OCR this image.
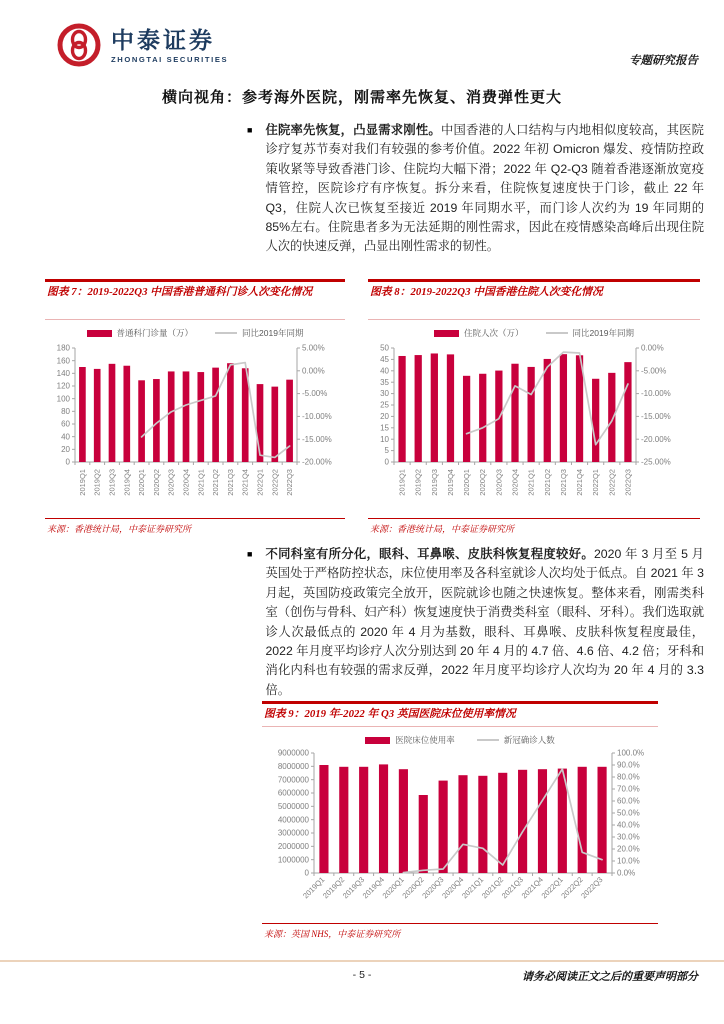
中泰证券
ZHONGTAI SECURITIES	专题研究报告
横向视角：参考海外医院，刚需率先恢复、消费弹性更大
■ 住院率先恢复，凸显需求刚性。中国香港的人口结构与内地相似度较高，其医院诊疗复苏节奏对我们有较强的参考价值。2022 年初 Omicron 爆发、疫情防控政策收紧等导致香港门诊、住院均大幅下滑；2022 年 Q2-Q3 随着香港逐渐放宽疫情管控，医院诊疗有序恢复。拆分来看，住院恢复速度快于门诊，截止 22 年 Q3，住院人次已恢复至接近 2019 年同期水平，而门诊人次约为 19 年同期的 85%左右。住院患者多为无法延期的刚性需求，因此在疫情感染高峰后出现住院人次的快速反弹，凸显出刚性需求的韧性。
图表 7：2019-2022Q3 中国香港普通科门诊人次变化情况
普通科门诊量（万）	同比2019年同期
0
20
40
60
80
100
120
140
160
180
-20.00%
-15.00%
-10.00%
-5.00%
0.00%
5.00%
2019Q1 2019Q2 2019Q3 2019Q4 2020Q1 2020Q2 2020Q3 2020Q4 2021Q1 2021Q2 2021Q3 2021Q4 2022Q1 2022Q2 2022Q3
来源：香港统计局，中泰证券研究所
图表 8：2019-2022Q3 中国香港住院人次变化情况
住院人次（万）	同比2019年同期
0
5
10
15
20
25
30
35
40
45
50
-25.00%
-20.00%
-15.00%
-10.00%
-5.00%
0.00%
2019Q1 2019Q2 2019Q3 2019Q4 2020Q1 2020Q2 2020Q3 2020Q4 2021Q1 2021Q2 2021Q3 2021Q4 2022Q1 2022Q2 2022Q3
来源：香港统计局，中泰证券研究所
■ 不同科室有所分化，眼科、耳鼻喉、皮肤科恢复程度较好。2020 年 3 月至 5 月英国处于严格防控状态，床位使用率及各科室就诊人次均处于低点。自 2021 年 3 月起，英国防疫政策完全放开，医院就诊也随之快速恢复。整体来看，刚需类科室（创伤与骨科、妇产科）恢复速度快于消费类科室（眼科、牙科）。我们选取就诊人次最低点的 2020 年 4 月为基数，眼科、耳鼻喉、皮肤科恢复程度最佳，2022 年月度平均诊疗人次分别达到 20 年 4 月的 4.7 倍、4.6 倍、4.2 倍；牙科和消化内科也有较强的需求反弹，2022 年月度平均诊疗人次均为 20 年 4 月的 3.3 倍。
图表 9：2019 年-2022 年 Q3 英国医院床位使用率情况
医院床位使用率	新冠确诊人数
0
1000000
2000000
3000000
4000000
5000000
6000000
7000000
8000000
9000000
0.0%
10.0%
20.0%
30.0%
40.0%
50.0%
60.0%
70.0%
80.0%
90.0%
100.0%
2019Q1
2019Q2
2019Q3
2019Q4
2020Q1
2020Q2
2020Q3
2020Q4
2021Q1
2021Q2
2021Q3
2021Q4
2022Q1
2022Q2
2022Q3
来源：英国 NHS，中泰证券研究所
- 5 -	请务必阅读正文之后的重要声明部分
